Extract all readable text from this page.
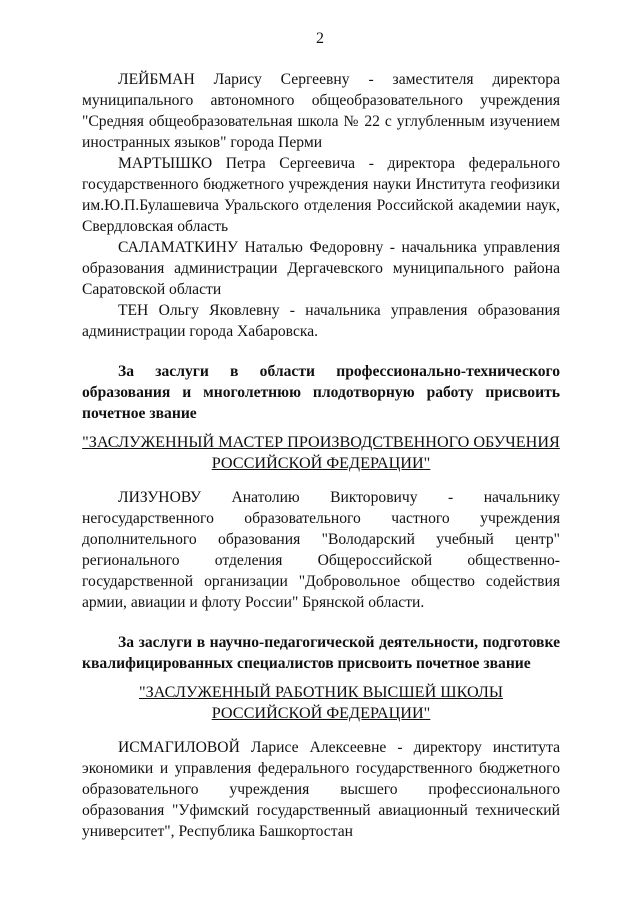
2

ЛЕЙБМАН Ларису Сергеевну - заместителя директора муниципального автономного общеобразовательного учреждения "Средняя общеобразовательная школа № 22 с углубленным изучением иностранных языков" города Перми

МАРТЫШКО Петра Сергеевича - директора федерального государственного бюджетного учреждения науки Института геофизики им.Ю.П.Булашевича Уральского отделения Российской академии наук, Свердловская область

САЛАМАТКИНУ Наталью Федоровну - начальника управления образования администрации Дергачевского муниципального района Саратовской области

ТЕН Ольгу Яковлевну - начальника управления образования администрации города Хабаровска.

За заслуги в области профессионально-технического образования и многолетнюю плодотворную работу присвоить почетное звание

"ЗАСЛУЖЕННЫЙ МАСТЕР ПРОИЗВОДСТВЕННОГО ОБУЧЕНИЯ РОССИЙСКОЙ ФЕДЕРАЦИИ"

ЛИЗУНОВУ Анатолию Викторовичу - начальнику негосударственного образовательного частного учреждения дополнительного образования "Володарский учебный центр" регионального отделения Общероссийской общественно-государственной организации "Добровольное общество содействия армии, авиации и флоту России" Брянской области.

За заслуги в научно-педагогической деятельности, подготовке квалифицированных специалистов присвоить почетное звание

"ЗАСЛУЖЕННЫЙ РАБОТНИК ВЫСШЕЙ ШКОЛЫ РОССИЙСКОЙ ФЕДЕРАЦИИ"

ИСМАГИЛОВОЙ Ларисе Алексеевне - директору института экономики и управления федерального государственного бюджетного образовательного учреждения высшего профессионального образования "Уфимский государственный авиационный технический университет", Республика Башкортостан
